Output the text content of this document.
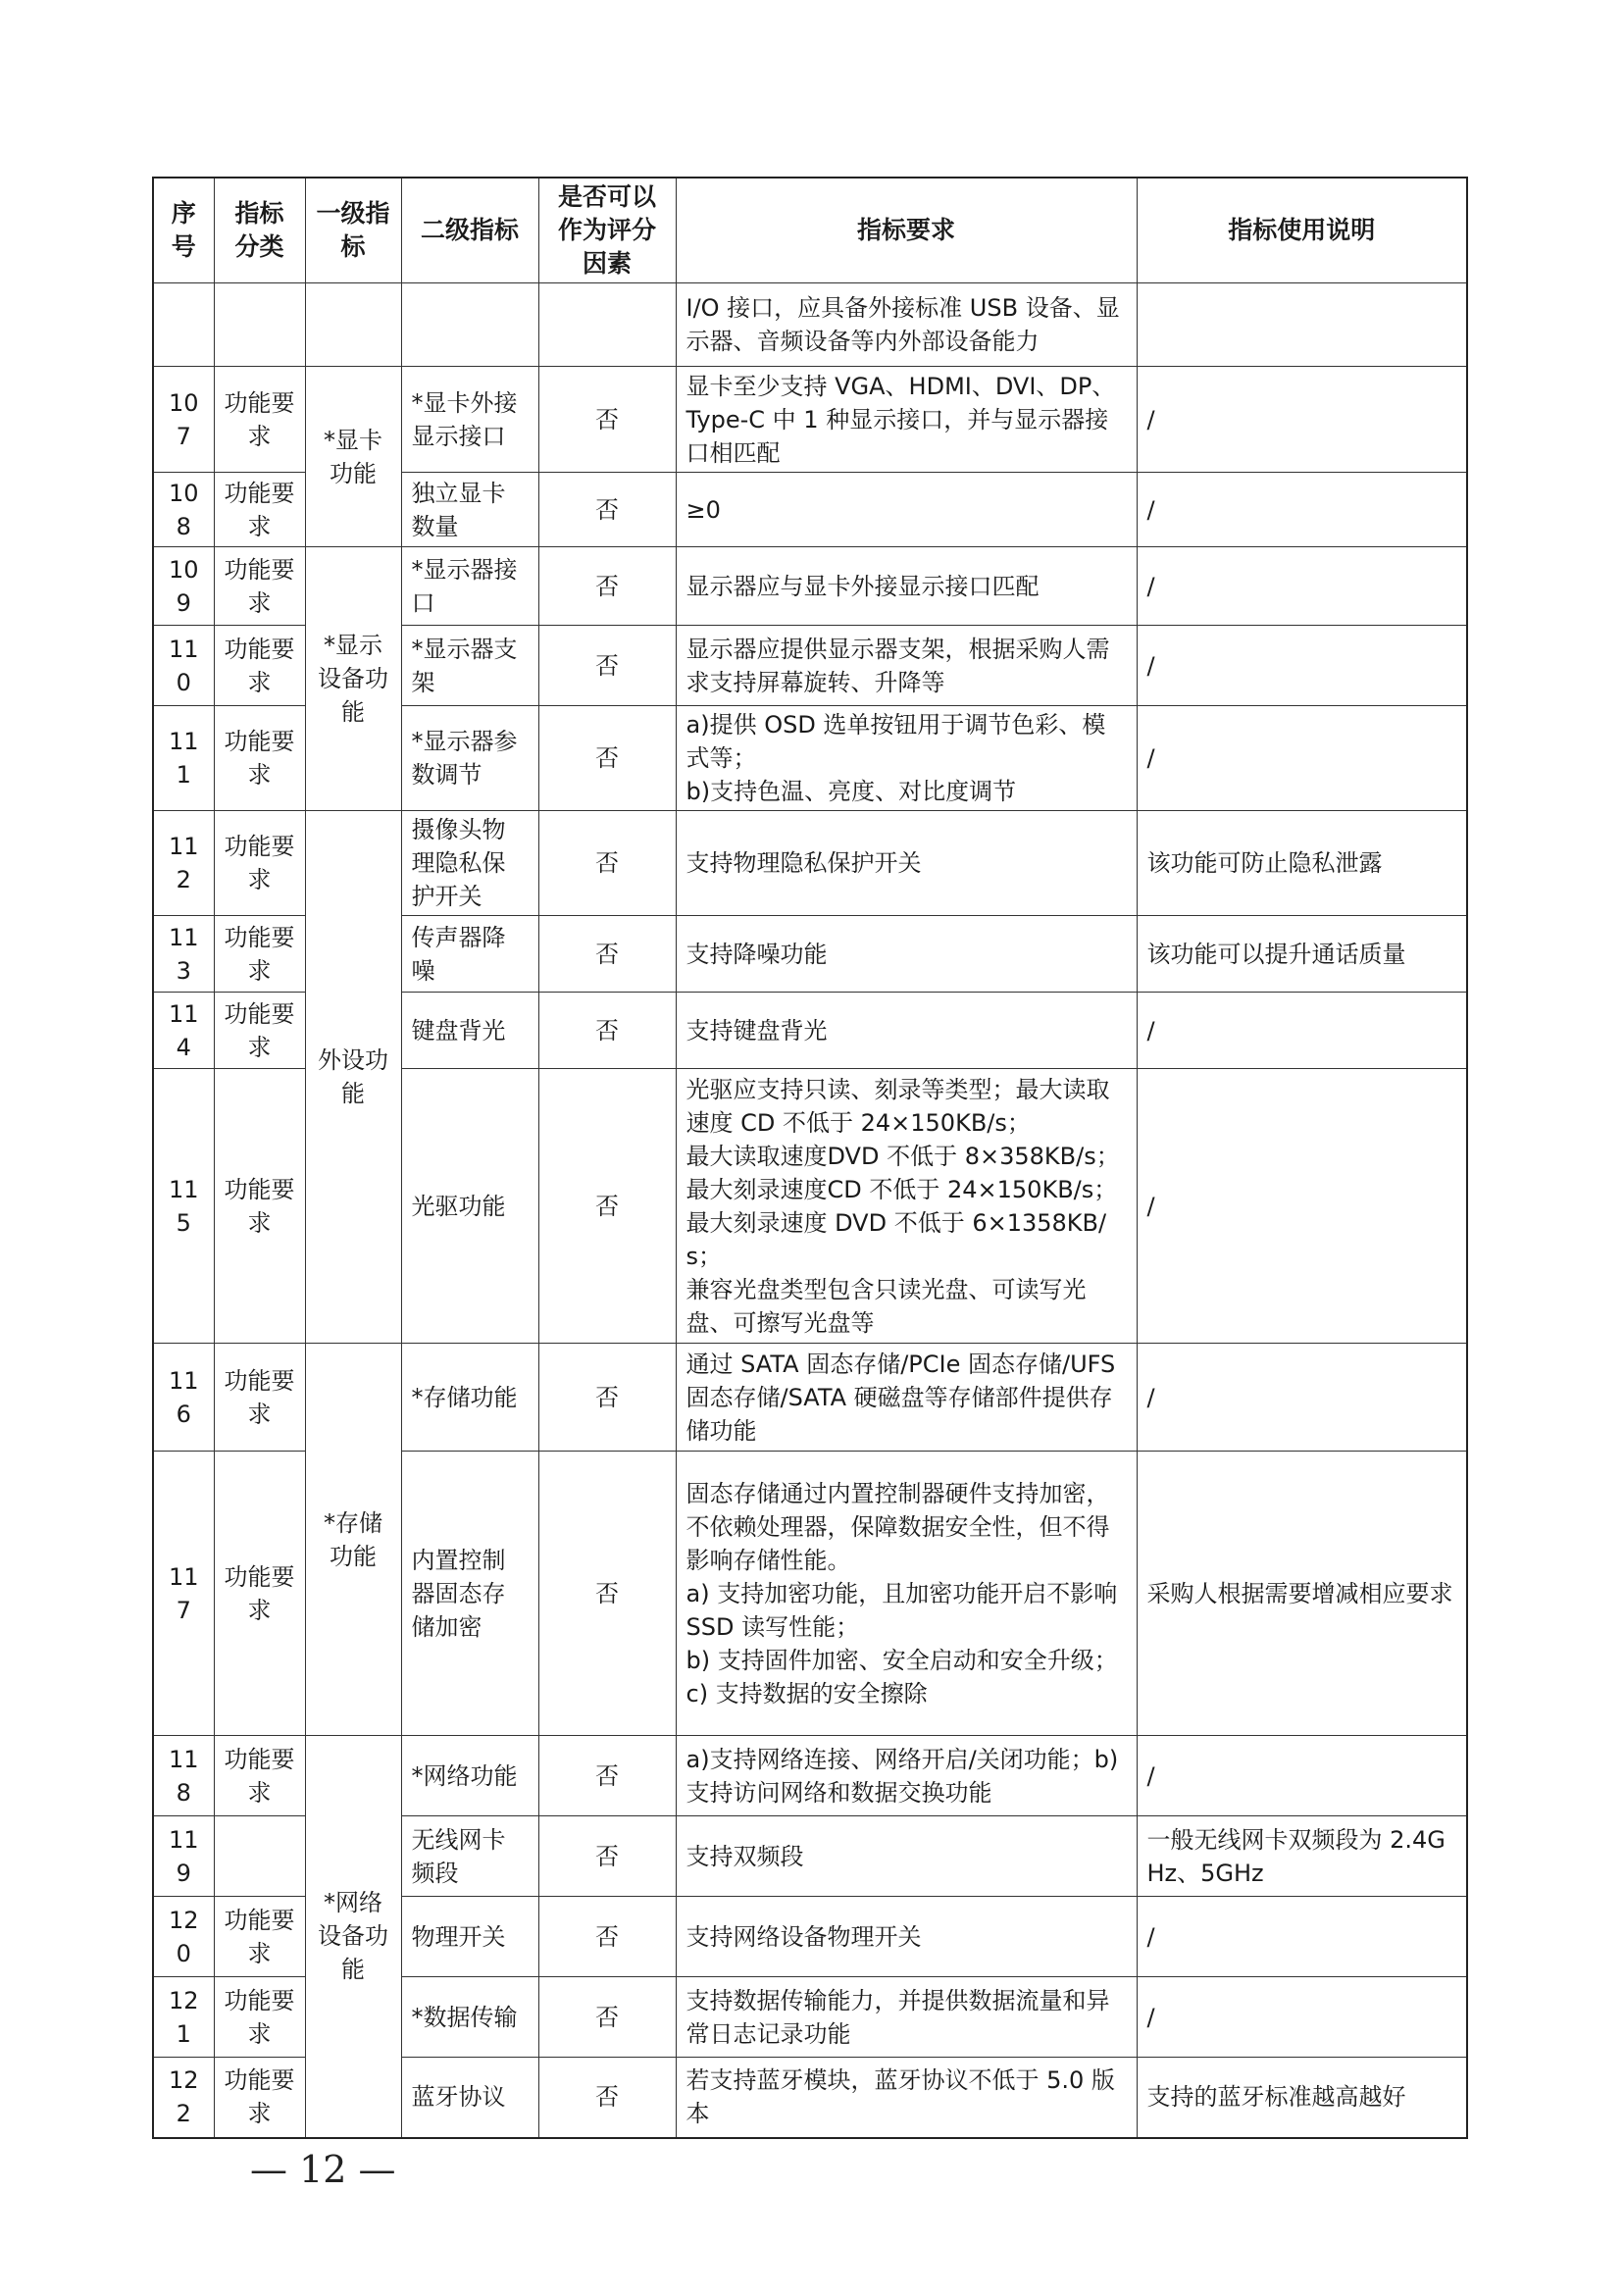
序号	指标分类	一级指标	二级指标	是否可以作为评分因素	指标要求	指标使用说明
					I/O 接口，应具备外接标准 USB 设备、显示器、音频设备等内外部设备能力	
107	功能要求	*显卡功能	*显卡外接显示接口	否	显卡至少支持 VGA、HDMI、DVI、DP、Type-C 中 1 种显示接口，并与显示器接口相匹配	/
108	功能要求		独立显卡数量	否	≥0	/
109	功能要求	*显示设备功能	*显示器接口	否	显示器应与显卡外接显示接口匹配	/
110	功能要求		*显示器支架	否	显示器应提供显示器支架，根据采购人需求支持屏幕旋转、升降等	/
111	功能要求		*显示器参数调节	否	a)提供 OSD 选单按钮用于调节色彩、模式等；
b)支持色温、亮度、对比度调节	/
112	功能要求	外设功能	摄像头物理隐私保护开关	否	支持物理隐私保护开关	该功能可防止隐私泄露
113	功能要求		传声器降噪	否	支持降噪功能	该功能可以提升通话质量
114	功能要求		键盘背光	否	支持键盘背光	/
115	功能要求		光驱功能	否	光驱应支持只读、刻录等类型；最大读取速度 CD 不低于 24×150KB/s；
最大读取速度DVD 不低于 8×358KB/s；
最大刻录速度CD 不低于 24×150KB/s；
最大刻录速度 DVD 不低于 6×1358KB/s；
兼容光盘类型包含只读光盘、可读写光盘、可擦写光盘等	/
116	功能要求	*存储功能	*存储功能	否	通过 SATA 固态存储/PCIe 固态存储/UFS 固态存储/SATA 硬磁盘等存储部件提供存储功能	/
117	功能要求		内置控制器固态存储加密	否	固态存储通过内置控制器硬件支持加密，不依赖处理器，保障数据安全性，但不得影响存储性能。
a) 支持加密功能，且加密功能开启不影响 SSD 读写性能；
b) 支持固件加密、安全启动和安全升级；
c) 支持数据的安全擦除	采购人根据需要增减相应要求
118	功能要求	*网络设备功能	*网络功能	否	a)支持网络连接、网络开启/关闭功能；b)支持访问网络和数据交换功能	/
119			无线网卡频段	否	支持双频段	一般无线网卡双频段为 2.4GHz、5GHz
120	功能要求		物理开关	否	支持网络设备物理开关	/
121	功能要求		*数据传输	否	支持数据传输能力，并提供数据流量和异常日志记录功能	/
122	功能要求		蓝牙协议	否	若支持蓝牙模块，蓝牙协议不低于 5.0 版本	支持的蓝牙标准越高越好
— 12 —
